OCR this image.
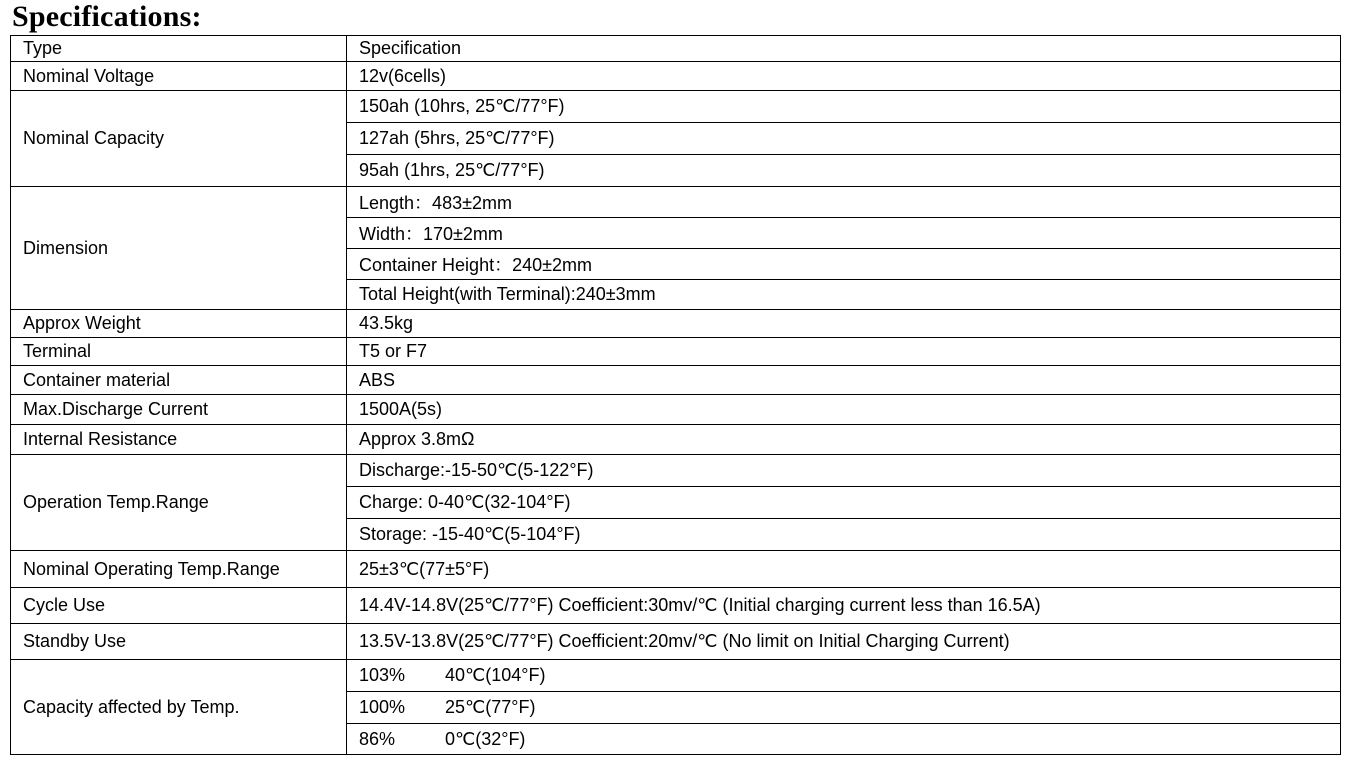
Specifications:
Type	Specification
Nominal Voltage	12v(6cells)
Nominal Capacity	150ah (10hrs, 25℃/77°F)
	127ah (5hrs, 25℃/77°F)
	95ah (1hrs, 25℃/77°F)
Dimension	Length：483±2mm
	Width：170±2mm
	Container Height：240±2mm
	Total Height(with Terminal):240±3mm
Approx Weight	43.5kg
Terminal	T5 or F7
Container material	ABS
Max.Discharge Current	1500A(5s)
Internal Resistance	Approx 3.8mΩ
Operation Temp.Range	Discharge:-15-50℃(5-122°F)
	Charge: 0-40℃(32-104°F)
	Storage: -15-40℃(5-104°F)
Nominal Operating Temp.Range	25±3℃(77±5°F)
Cycle Use	14.4V-14.8V(25℃/77°F) Coefficient:30mv/℃ (Initial charging current less than 16.5A)
Standby Use	13.5V-13.8V(25℃/77°F) Coefficient:20mv/℃ (No limit on Initial Charging Current)
Capacity affected by Temp.	103% 40℃(104°F)
	100% 25℃(77°F)
	86% 0℃(32°F)
